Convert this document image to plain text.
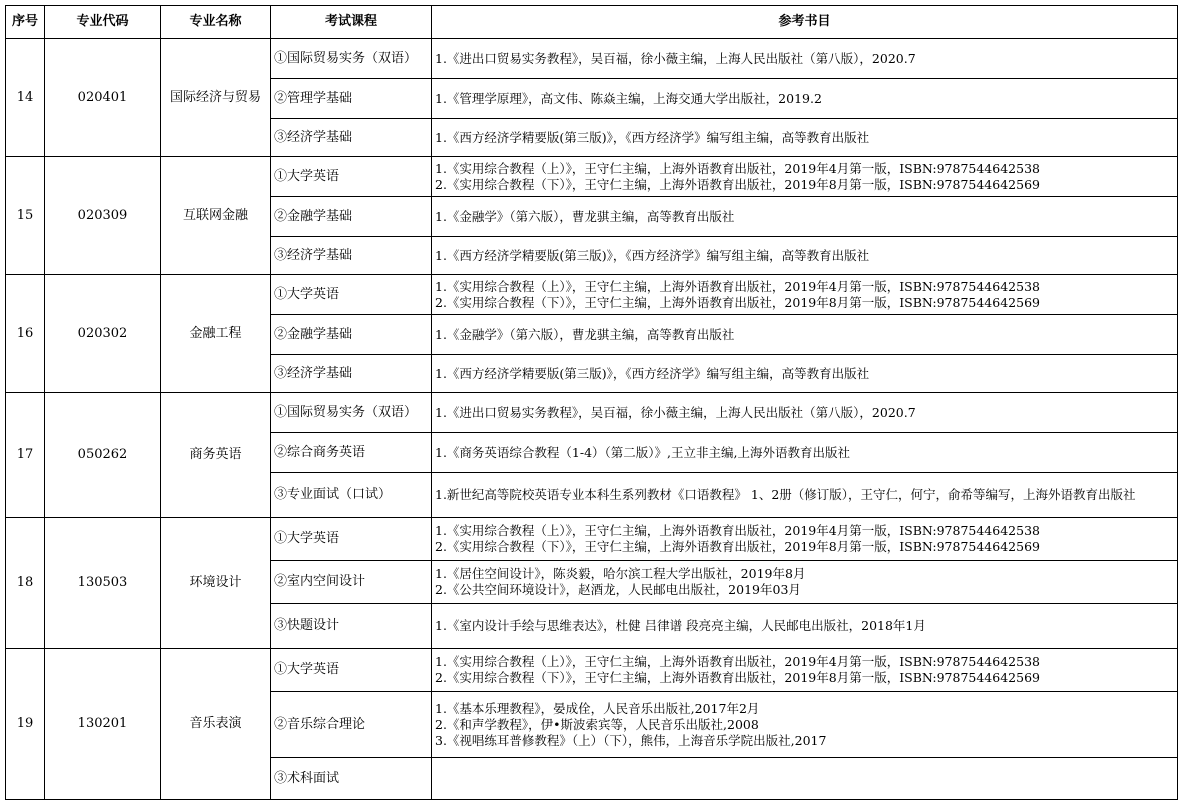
序号	专业代码	专业名称	考试课程	参考书目
14	020401	国际经济与贸易	①国际贸易实务（双语）	1.《进出口贸易实务教程》，吴百福，徐小薇主编，上海人民出版社（第八版），2020.7

			②管理学基础	1.《管理学原理》，高文伟、陈焱主编，上海交通大学出版社，2019.2

			③经济学基础	1.《西方经济学精要版(第三版)》，《西方经济学》编写组主编，高等教育出版社

15	020309	互联网金融	①大学英语	1.《实用综合教程（上）》，王守仁主编，上海外语教育出版社，2019年4月第一版，ISBN:9787544642538
2.《实用综合教程（下）》，王守仁主编，上海外语教育出版社，2019年8月第一版，ISBN:9787544642569

			②金融学基础	1.《金融学》（第六版），曹龙骐主编，高等教育出版社

			③经济学基础	1.《西方经济学精要版(第三版)》，《西方经济学》编写组主编，高等教育出版社

16	020302	金融工程	①大学英语	1.《实用综合教程（上）》，王守仁主编，上海外语教育出版社，2019年4月第一版，ISBN:9787544642538
2.《实用综合教程（下）》，王守仁主编，上海外语教育出版社，2019年8月第一版，ISBN:9787544642569

			②金融学基础	1.《金融学》（第六版），曹龙骐主编，高等教育出版社

			③经济学基础	1.《西方经济学精要版(第三版)》，《西方经济学》编写组主编，高等教育出版社

17	050262	商务英语	①国际贸易实务（双语）	1.《进出口贸易实务教程》，吴百福，徐小薇主编，上海人民出版社（第八版），2020.7

			②综合商务英语	1.《商务英语综合教程（1-4）（第二版）》,王立非主编,上海外语教育出版社

			③专业面试（口试）	1.新世纪高等院校英语专业本科生系列教材《口语教程》 1、2册（修订版），王守仁，何宁，俞希等编写，上海外语教育出版社

18	130503	环境设计	①大学英语	1.《实用综合教程（上）》，王守仁主编，上海外语教育出版社，2019年4月第一版，ISBN:9787544642538
2.《实用综合教程（下）》，王守仁主编，上海外语教育出版社，2019年8月第一版，ISBN:9787544642569

			②室内空间设计	1.《居住空间设计》，陈炎毅，哈尔滨工程大学出版社，2019年8月
2.《公共空间环境设计》，赵酒龙，人民邮电出版社，2019年03月

			③快题设计	1.《室内设计手绘与思维表达》，杜健 吕律谱 段亮亮主编，人民邮电出版社，2018年1月

19	130201	音乐表演	①大学英语	1.《实用综合教程（上）》，王守仁主编，上海外语教育出版社，2019年4月第一版，ISBN:9787544642538
2.《实用综合教程（下）》，王守仁主编，上海外语教育出版社，2019年8月第一版，ISBN:9787544642569

			②音乐综合理论	1.《基本乐理教程》，晏成佺，人民音乐出版社,2017年2月
2.《和声学教程》，伊•斯波索宾等，人民音乐出版社,2008
3.《视唱练耳普修教程》（上）（下），熊伟，上海音乐学院出版社,2017

			③术科面试	
